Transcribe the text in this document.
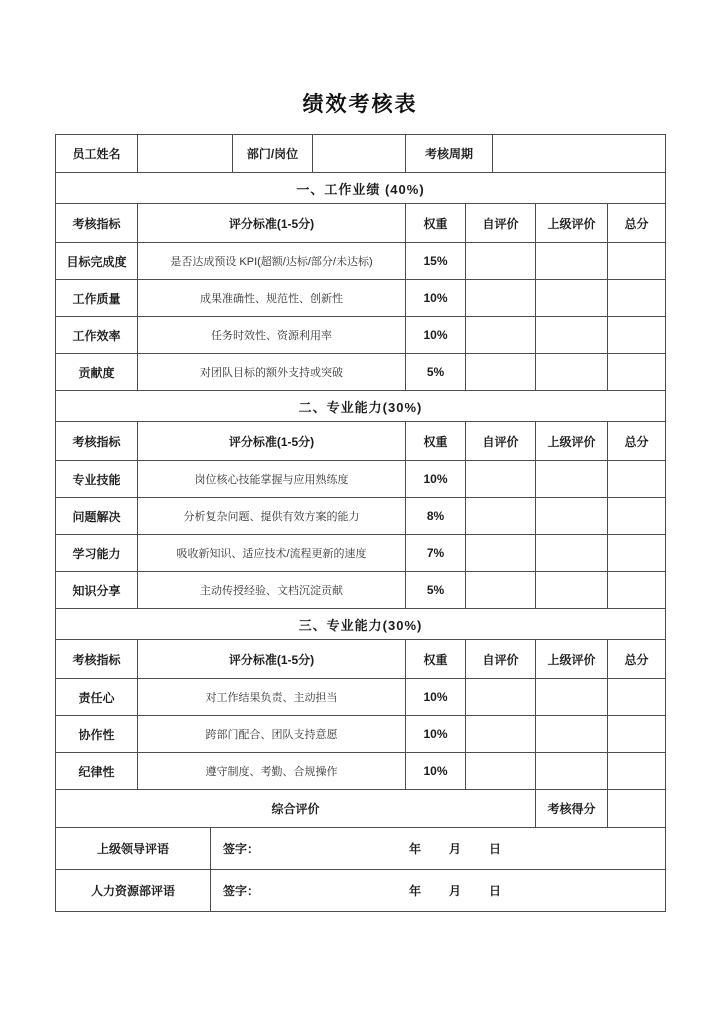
绩效考核表
员工姓名		部门/岗位		考核周期	
一、工作业绩 (40%)					
考核指标	评分标准(1-5分)	权重	自评价	上级评价	总分
目标完成度	是否达成预设 KPI(超额/达标/部分/未达标)	15%			
工作质量	成果准确性、规范性、创新性	10%			
工作效率	任务时效性、资源利用率	10%			
贡献度	对团队目标的额外支持或突破	5%			
二、专业能力(30%)					
考核指标	评分标准(1-5分)	权重	自评价	上级评价	总分
专业技能	岗位核心技能掌握与应用熟练度	10%			
问题解决	分析复杂问题、提供有效方案的能力	8%			
学习能力	吸收新知识、适应技术/流程更新的速度	7%			
知识分享	主动传授经验、文档沉淀贡献	5%			
三、专业能力(30%)					
考核指标	评分标准(1-5分)	权重	自评价	上级评价	总分
责任心	对工作结果负责、主动担当	10%			
协作性	跨部门配合、团队支持意愿	10%			
纪律性	遵守制度、考勤、合规操作	10%			
综合评价	考核得分	
上级领导评语	签字： 年 月 日

人力资源部评语	签字： 年 月 日
